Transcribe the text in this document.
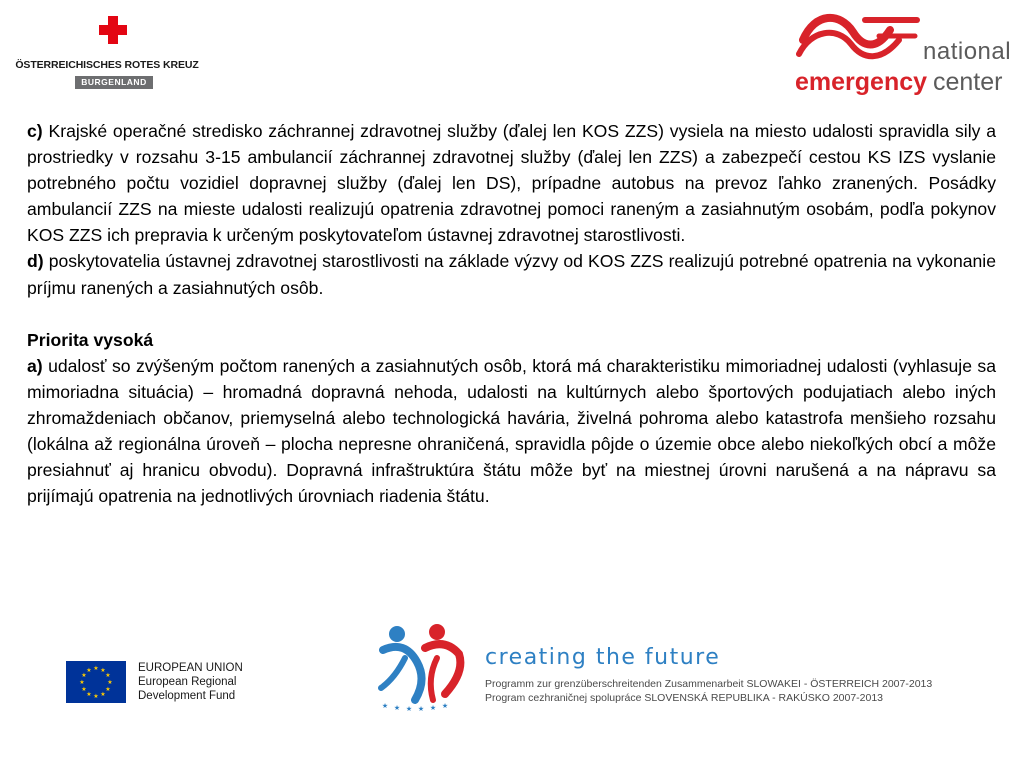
ÖSTERREICHISCHES ROTES KREUZ
BURGENLAND
national
emergency center

c) Krajské operačné stredisko záchrannej zdravotnej služby (ďalej len KOS ZZS) vysiela na miesto udalosti spravidla sily a prostriedky v rozsahu 3-15 ambulancií záchrannej zdravotnej služby (ďalej len ZZS) a zabezpečí cestou KS IZS vyslanie potrebného počtu vozidiel dopravnej služby (ďalej len DS), prípadne autobus na prevoz ľahko zranených. Posádky ambulancií ZZS na mieste udalosti realizujú opatrenia zdravotnej pomoci raneným a zasiahnutým osobám, podľa pokynov KOS ZZS ich prepravia k určeným poskytovateľom ústavnej zdravotnej starostlivosti.

d) poskytovatelia ústavnej zdravotnej starostlivosti na základe výzvy od KOS ZZS realizujú potrebné opatrenia na vykonanie príjmu ranených a zasiahnutých osôb.

Priorita vysoká

a) udalosť so zvýšeným počtom ranených a zasiahnutých osôb, ktorá má charakteristiku mimoriadnej udalosti (vyhlasuje sa mimoriadna situácia) – hromadná dopravná nehoda, udalosti na kultúrnych alebo športových podujatiach alebo iných zhromaždeniach občanov, priemyselná alebo technologická havária, živelná pohroma alebo katastrofa menšieho rozsahu (lokálna až regionálna úroveň – plocha nepresne ohraničená, spravidla pôjde o územie obce alebo niekoľkých obcí a môže presiahnuť aj hranicu obvodu). Dopravná infraštruktúra štátu môže byť na miestnej úrovni narušená a na nápravu sa prijímajú opatrenia na jednotlivých úrovniach riadenia štátu.

★ ★
★
★
★
★
★
★
★
★
★
★	EUROPEAN UNION
European Regional
Development Fund
★ ★ ★ ★ ★ ★
creating the future
Programm zur grenzüberschreitenden Zusammenarbeit SLOWAKEI - ÖSTERREICH 2007-2013
Program cezhraničnej spolupráce SLOVENSKÁ REPUBLIKA - RAKÚSKO 2007-2013
